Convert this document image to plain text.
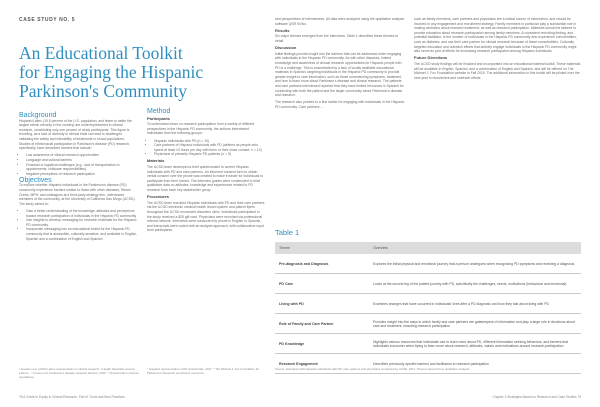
CASE STUDY NO. 5
An Educational Toolkit for Engaging the Hispanic Parkinson's Community
Background

Hispanic/Latinx (19.5 percent of the U.S. population, and fewer to settle the largest ethnic minority in the country) are underrepresented in clinical research, constituting only one percent of study participants. This figure is troubling, as a lack of diversity in clinical trials can lead to challenges validating the safety and tolerability of treatments in broad populations. Studies of ethnic/racial participation in Parkinson's disease (PD) research, specifically, have described barriers that include:

• Low awareness of clinical research opportunities
• Language and cultural barriers
• Financial or logistical challenges (e.g., lack of transportation to appointments, childcare responsibilities)
• Negative perceptions of research participation
Objectives

To explore whether Hispanic individuals in the Parkinson's disease (PD) community experience barriers similar to those with other diseases, Renee Crews, MPH, and colleagues at a third-party strategy firm, interviewed members of the community, at the University of California San Diego (UCSD). The study aimed to:

• Gain a better understanding of the knowledge, attitudes and perceptions toward research participation of individuals in the Hispanic PD community
• Use insights to develop messaging for research materials for the Hispanic PD community
• Incorporate messaging into an educational toolkit for the Hispanic PD community that is accessible, culturally sensitive, and available in English, Spanish and a combination of English and Spanish
Method
Participants

To understand views on research participation from a variety of different perspectives in the Hispanic PD community, the authors interviewed individuals from the following groups:

• Hispanic individuals with PD (n = 10)
• Care partners of Hispanic individuals with PD (defined as people who spend at least 10 hours per day with them or their close contact; n = 10)
• Physicians of primarily Hispanic PD patients (n = 5)
Materials

The UCSD team developed a brief questionnaire to screen Hispanic individuals with PD and care partners. An informed consent form to obtain verbal consent over the phone was created to make it easier for individuals to participate from their homes. The interview guides were constructed to elicit qualitative data on attitudes, knowledge and experiences related to PD research from each key stakeholder group.

Procedures

The UCSD team recruited Hispanic individuals with PD and their care partners via the UCSD electronic medical health record system and patient flyers throughout the UCSD movement disorders clinic. Individuals participated in the study received a $25 gift card. Physicians were recruited via professional referral network. Interviews were conducted by phone in English or Spanish, and transcripts were coded with an analysis approach, with collaborative input from participants.

and perspectives of interviewees. All data were analyzed using the qualitative analysis software QSR NVivo.

Results

Six major themes emerged from the interviews. Table 1 describes these themes in detail.

Discussion

Initial findings provide insight into the barriers that can be addressed when engaging with individuals in the Hispanic PD community. As with other diseases, limited knowledge and awareness of clinical research opportunities for Hispanic people with PD is a challenge. This is exacerbated by a lack of locally available educational materials in Spanish, targeting individuals in the Hispanic PD community to provide greater insight to care information, such as those summarizing symptoms, treatment, and how to learn more about Parkinson's disease and clinical research. The patients and care partners interviewed reported that they have limited resources in Spanish for connecting with both the patient and the larger community about Parkinson's disease and research.

The research also pointed to a fine ladder for engaging with individuals in the Hispanic PD community. Care partners ...

such as family members, care partners and physicians are a critical source of information, and should be involved in any engagement and recruitment strategy. Family members in particular play a substantial role in making decisions about research treatment, as well as research participation. Materials should be tailored to provide education about research participation among family members. A consistent recruiting finding, and potential facilitator, is the number of individuals in the Hispanic PD community who experience comorbidities, such as diabetes, and use their care partner for clinical research because of these comorbidities. Culturally targeted education and outreach efforts that actively engage individuals in the Hispanic PD community might also serve as part of efforts for increasing research participation among Hispanic individuals.

Future Directions

The UCSD study findings will be finalized and incorporated into an educational material toolkit. These materials will be available in English, Spanish, and a combination of English and Spanish, and will be offered on The Michael J. Fox Foundation website in Fall 2018. The additional information in this toolkit will be piloted over the next year in recruitment and outreach efforts.

Table 1
Theme	Overview
Pre-diagnosis and Diagnosis	Explores the initial physical and emotional journey that a person undergoes when recognizing PD symptoms and receiving a diagnosis
PD Care	Looks at the second leg of the patient journey with PD, specifically the challenges, needs, motivations (behavioral and emotional)
Living with PD	Examines changes that have occurred in individuals' lives after a PD diagnosis and how they talk about living with PD
Role of Family and Care Partner	Provides insight into the ways in which family and care partners are gatekeepers of information and play a large role in decisions about care and treatment, including research participation
PD Knowledge	Highlights various resources that individuals use to learn more about PD, different information seeking behaviors, and barriers that individuals encounter when trying to learn more about research, attitudes, values and motivations around research participation
Research Engagement	Describes previously specific barriers and facilitators to research participation
¹ Arevalo et al. (2016) Latino representation in clinical research. ² Health disparities among Latinos... ³ Crews et al. Parkinson's disease research barriers, 2016. ⁴ Clinical trials in diverse populations.
⁵ Hispanic representation in PD clinical trials, 2017. ⁶ The Michael J. Fox Foundation for Parkinson's Research recruitment resources.
Source: Interviews with Hispanic individuals with PD, care partners and physicians conducted by UCSD, 2017. Themes derived from qualitative analysis.
78 A Guide to Equity in Clinical Research, Part III: Tools and Best Practices	Chapter 3 Strategies Based on Research and Case Studies 79
